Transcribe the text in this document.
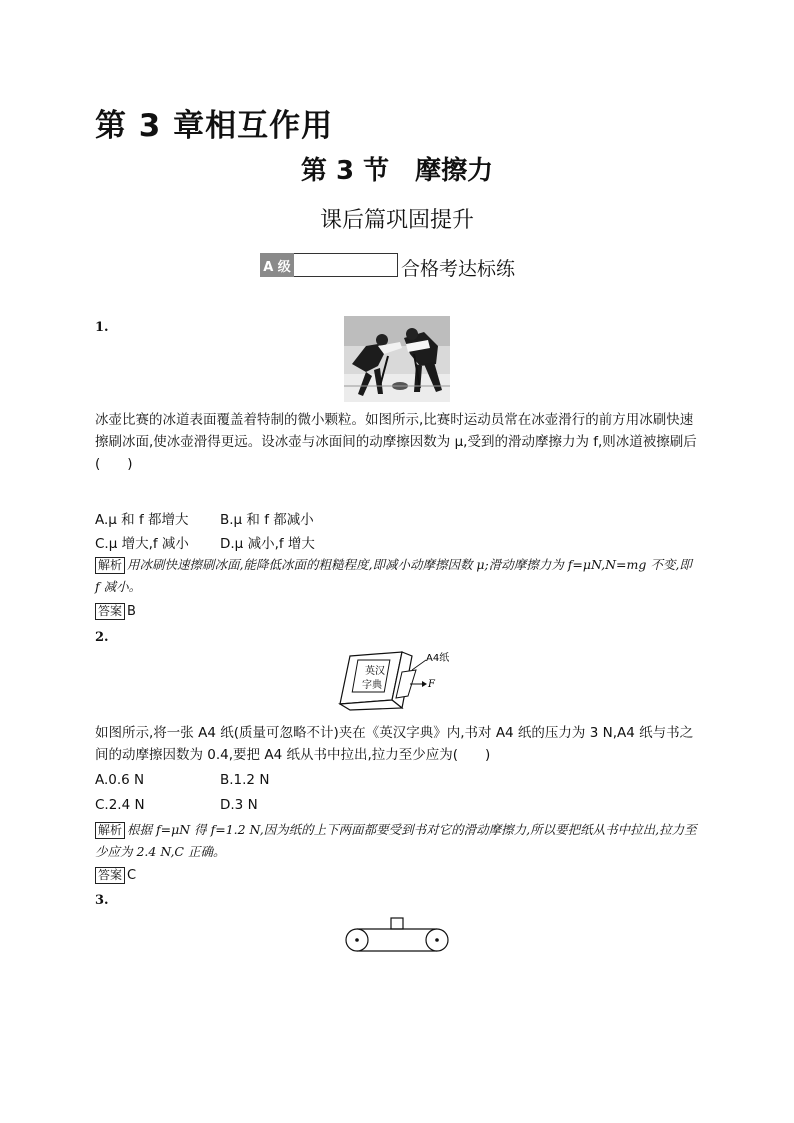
第 3 章相互作用
第 3 节　摩擦力
课后篇巩固提升
A 级	合格考达标练
1.
冰壶比赛的冰道表面覆盖着特制的微小颗粒。如图所示,比赛时运动员常在冰壶滑行的前方用冰刷快速擦刷冰面,使冰壶滑得更远。设冰壶与冰面间的动摩擦因数为 μ,受到的滑动摩擦力为 f,则冰道被擦刷后(　　)
A.μ 和 f 都增大 B.μ 和 f 都减小
C.μ 增大,f 减小 D.μ 减小,f 增大
解析 用冰刷快速擦刷冰面,能降低冰面的粗糙程度,即减小动摩擦因数 μ;滑动摩擦力为 f=μN,N=mg 不变,即 f 减小。
答案 B
2.
英汉
字典
A4纸
F
如图所示,将一张 A4 纸(质量可忽略不计)夹在《英汉字典》内,书对 A4 纸的压力为 3 N,A4 纸与书之间的动摩擦因数为 0.4,要把 A4 纸从书中拉出,拉力至少应为(　　)
A.0.6 N	B.1.2 N
C.2.4 N	D.3 N
解析 根据 f=μN 得 f=1.2 N,因为纸的上下两面都要受到书对它的滑动摩擦力,所以要把纸从书中拉出,拉力至少应为 2.4 N,C 正确。
答案 C
3.
